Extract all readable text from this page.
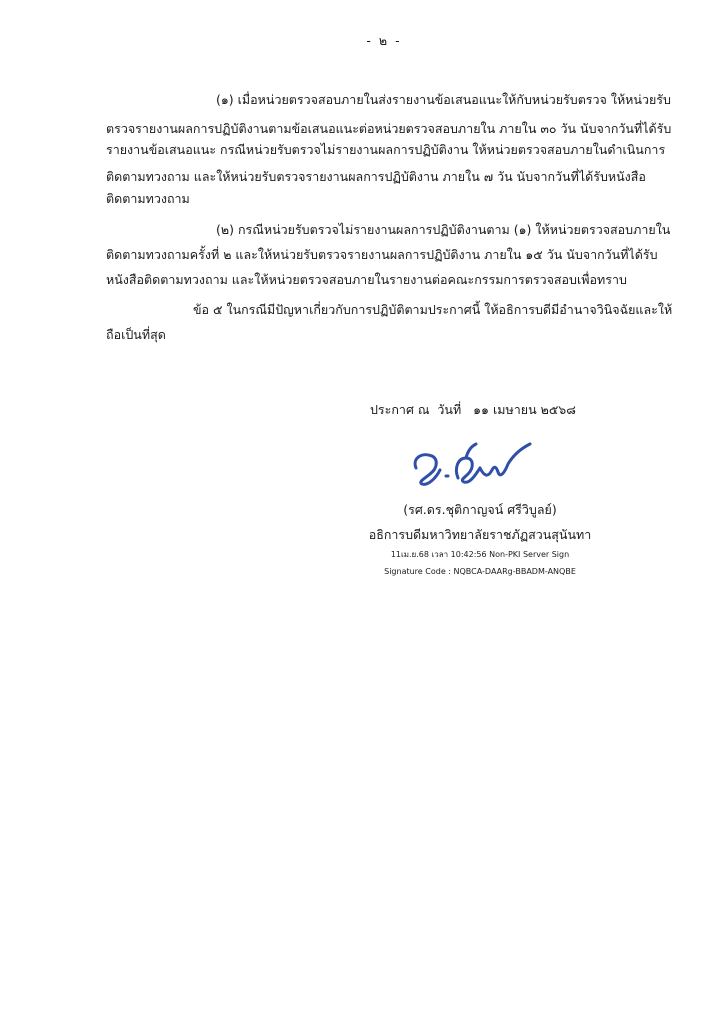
-  ๒  -
(๑) เมื่อหน่วยตรวจสอบภายในส่งรายงานข้อเสนอแนะให้กับหน่วยรับตรวจ ให้หน่วยรับ
ตรวจรายงานผลการปฏิบัติงานตามข้อเสนอแนะต่อหน่วยตรวจสอบภายใน ภายใน ๓๐ วัน นับจากวันที่ได้รับ
รายงานข้อเสนอแนะ กรณีหน่วยรับตรวจไม่รายงานผลการปฏิบัติงาน ให้หน่วยตรวจสอบภายในดำเนินการ
ติดตามทวงถาม และให้หน่วยรับตรวจรายงานผลการปฏิบัติงาน ภายใน ๗ วัน นับจากวันที่ได้รับหนังสือ
ติดตามทวงถาม
(๒) กรณีหน่วยรับตรวจไม่รายงานผลการปฏิบัติงานตาม (๑) ให้หน่วยตรวจสอบภายใน
ติดตามทวงถามครั้งที่ ๒ และให้หน่วยรับตรวจรายงานผลการปฏิบัติงาน ภายใน ๑๕ วัน นับจากวันที่ได้รับ
หนังสือติดตามทวงถาม และให้หน่วยตรวจสอบภายในรายงานต่อคณะกรรมการตรวจสอบเพื่อทราบ
ข้อ ๕ ในกรณีมีปัญหาเกี่ยวกับการปฏิบัติตามประกาศนี้ ให้อธิการบดีมีอำนาจวินิจฉัยและให้
ถือเป็นที่สุด
ประกาศ ณ  วันที่   ๑๑ เมษายน ๒๕๖๘
(รศ.ดร.ชุติกาญจน์ ศรีวิบูลย์)
อธิการบดีมหาวิทยาลัยราชภัฏสวนสุนันทา
11เม.ย.68 เวลา 10:42:56 Non-PKI Server Sign
Signature Code : NQBCA-DAARg-BBADM-ANQBE
